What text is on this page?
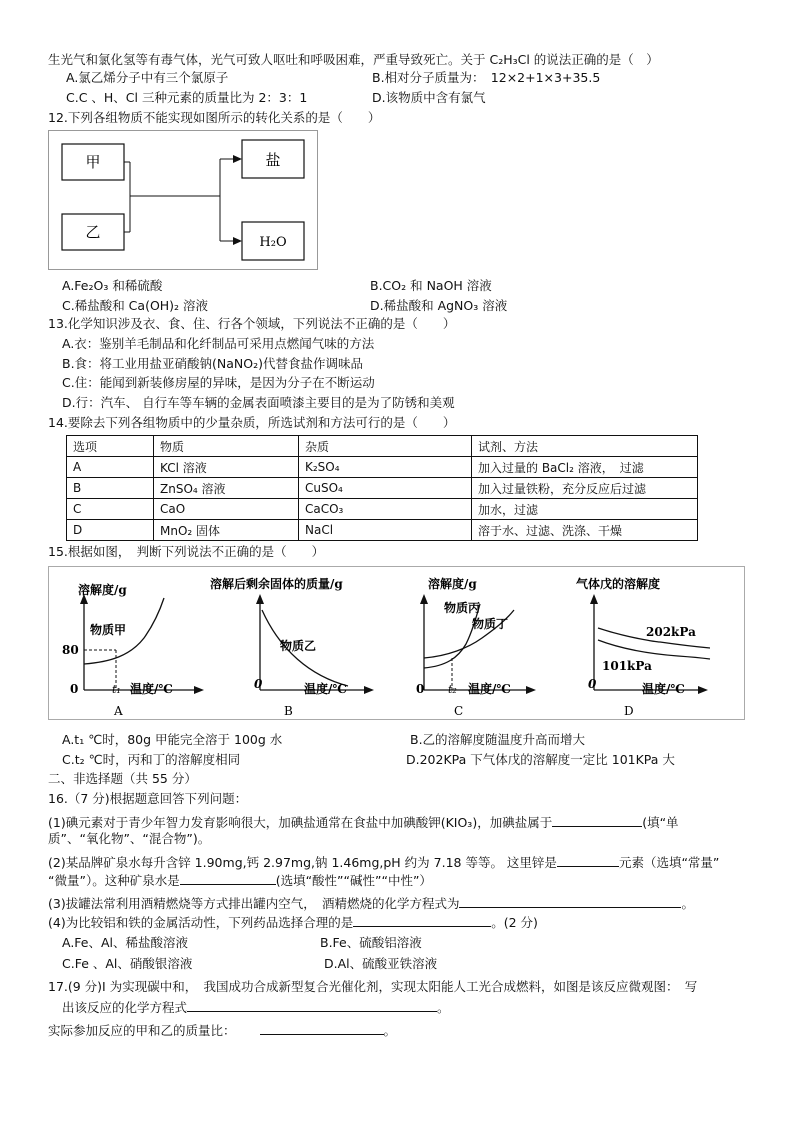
生光气和氯化氢等有毒气体，光气可致人呕吐和呼吸困难，严重导致死亡。关于 C₂H₃Cl 的说法正确的是（　）
A.氯乙烯分子中有三个氯原子	B.相对分子质量为：　12×2+1×3+35.5
C.C 、H、Cl 三种元素的质量比为 2：3：1	D.该物质中含有氯气
12.下列各组物质不能实现如图所示的转化关系的是（　　）
甲
乙
盐
H₂O
A.Fe₂O₃ 和稀硫酸	B.CO₂ 和 NaOH 溶液
C.稀盐酸和 Ca(OH)₂ 溶液	D.稀盐酸和 AgNO₃ 溶液
13.化学知识涉及衣、食、住、行各个领域，下列说法不正确的是（　　）
A.衣：鉴别羊毛制品和化纤制品可采用点燃闻气味的方法
B.食：将工业用盐亚硝酸钠(NaNO₂)代替食盐作调味品
C.住：能闻到新装修房屋的异味，是因为分子在不断运动
D.行：汽车、 自行车等车辆的金属表面喷漆主要目的是为了防锈和美观
14.要除去下列各组物质中的少量杂质，所选试剂和方法可行的是（　　）
选项	物质	杂质	试剂、方法
A	KCl 溶液	K₂SO₄	加入过量的 BaCl₂ 溶液，　过滤
B	ZnSO₄ 溶液	CuSO₄	加入过量铁粉，充分反应后过滤
C	CaO	CaCO₃	加水，过滤
D	MnO₂ 固体	NaCl	溶于水、过滤、洗涤、干燥
15.根据如图，　判断下列说法不正确的是（　　）
溶解度/g
物质甲
80
0	t₁ 温度/℃
A
溶解后剩余固体的质量/g
物质乙
0	温度/℃
B
溶解度/g
物质丙
物质丁
0 t₂ 温度/℃
C
气体戊的溶解度
202kPa
101kPa
0	温度/℃
D
A.t₁ ℃时，80g 甲能完全溶于 100g 水	B.乙的溶解度随温度升高而增大
C.t₂ ℃时，丙和丁的溶解度相同	D.202KPa 下气体戊的溶解度一定比 101KPa 大
二、非选择题（共 55 分）
16.（7 分)根据题意回答下列问题：
(1)碘元素对于青少年智力发育影响很大，加碘盐通常在食盐中加碘酸钾(KIO₃)，加碘盐属于	(填“单
质”、“氧化物”、“混合物”)。
(2)某品牌矿泉水每升含锌 1.90mg,钙 2.97mg,钠 1.46mg,pH 约为 7.18 等等。 这里锌是	元素（选填“常量”
“微量”）。这种矿泉水是	(选填“酸性”“碱性”“中性”）
(3)拔罐法常利用酒精燃烧等方式排出罐内空气，　酒精燃烧的化学方程式为	。
(4)为比较铝和铁的金属活动性，下列药品选择合理的是	。(2 分)
A.Fe、Al、稀盐酸溶液	B.Fe、硫酸铝溶液
C.Fe 、Al、硝酸银溶液	D.Al、硫酸亚铁溶液
17.(9 分)I 为实现碳中和，　我国成功合成新型复合光催化剂，实现太阳能人工光合成燃料，如图是该反应微观图：　写
出该反应的化学方程式	。
实际参加反应的甲和乙的质量比：	。
